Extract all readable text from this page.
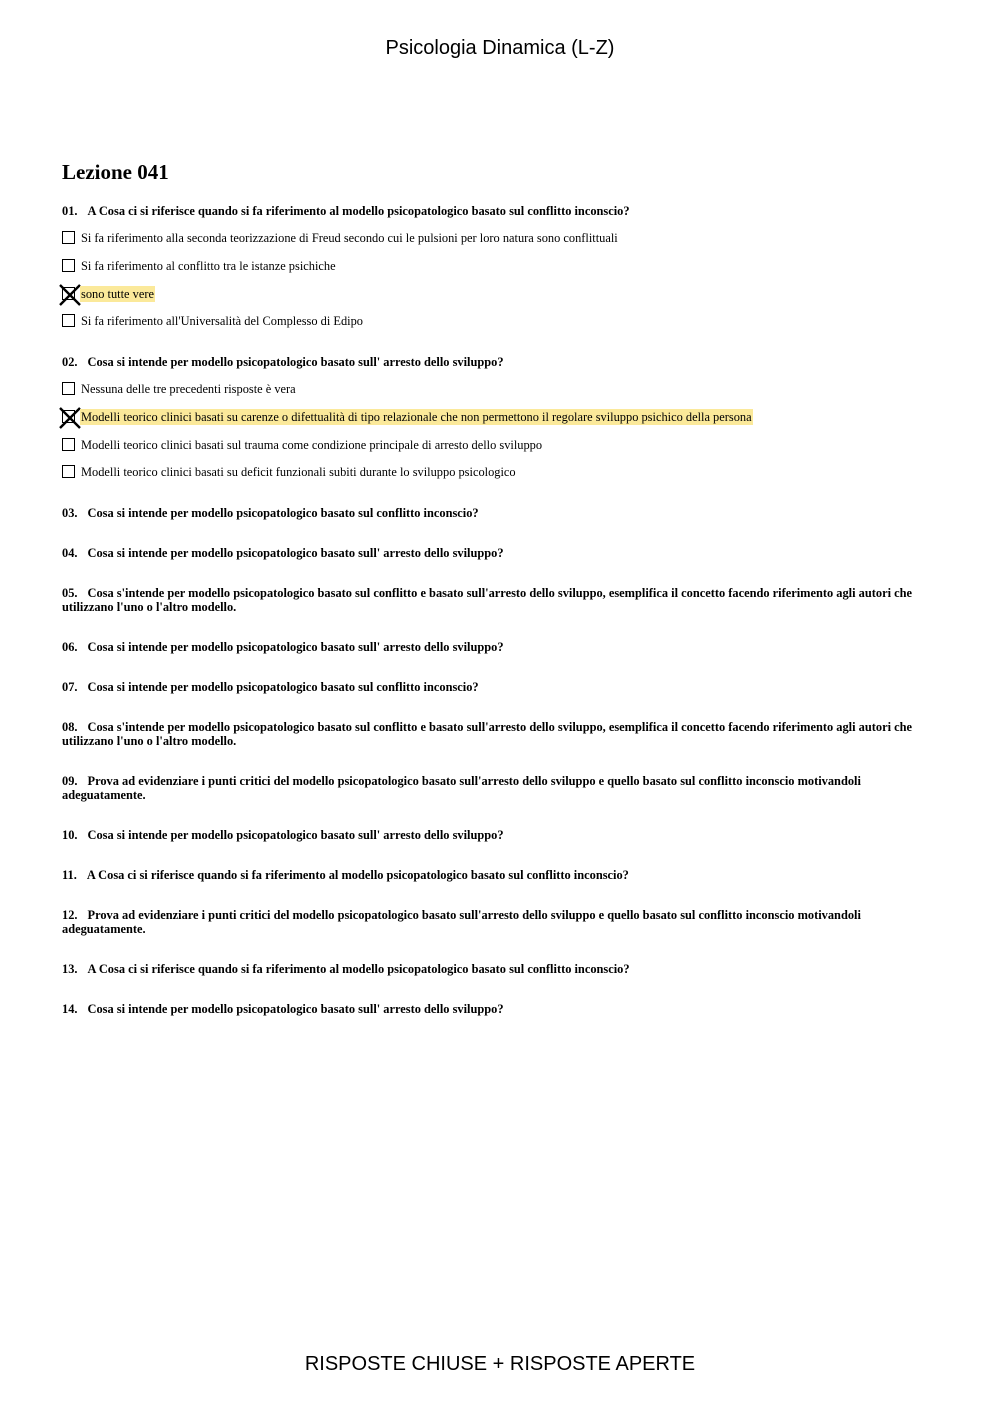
Psicologia Dinamica (L-Z)
Lezione 041
01. A Cosa ci si riferisce quando si fa riferimento al modello psicopatologico basato sul conflitto inconscio?
Si fa riferimento alla seconda teorizzazione di Freud secondo cui le pulsioni per loro natura sono conflittuali
Si fa riferimento al conflitto tra le istanze psichiche
sono tutte vere
Si fa riferimento all'Universalità del Complesso di Edipo
02. Cosa si intende per modello psicopatologico basato sull' arresto dello sviluppo?
Nessuna delle tre precedenti risposte è vera
Modelli teorico clinici basati su carenze o difettualità di tipo relazionale che non permettono il regolare sviluppo psichico della persona
Modelli teorico clinici basati sul trauma come condizione principale di arresto dello sviluppo
Modelli teorico clinici basati su deficit funzionali subiti durante lo sviluppo psicologico
03. Cosa si intende per modello psicopatologico basato sul conflitto inconscio?
04. Cosa si intende per modello psicopatologico basato sull' arresto dello sviluppo?
05. Cosa s'intende per modello psicopatologico basato sul conflitto e basato sull'arresto dello sviluppo, esemplifica il concetto facendo riferimento agli autori che utilizzano l'uno o l'altro modello.
06. Cosa si intende per modello psicopatologico basato sull' arresto dello sviluppo?
07. Cosa si intende per modello psicopatologico basato sul conflitto inconscio?
08. Cosa s'intende per modello psicopatologico basato sul conflitto e basato sull'arresto dello sviluppo, esemplifica il concetto facendo riferimento agli autori che utilizzano l'uno o l'altro modello.
09. Prova ad evidenziare i punti critici del modello psicopatologico basato sull'arresto dello sviluppo e quello basato sul conflitto inconscio motivandoli adeguatamente.
10. Cosa si intende per modello psicopatologico basato sull' arresto dello sviluppo?
11. A Cosa ci si riferisce quando si fa riferimento al modello psicopatologico basato sul conflitto inconscio?
12. Prova ad evidenziare i punti critici del modello psicopatologico basato sull'arresto dello sviluppo e quello basato sul conflitto inconscio motivandoli adeguatamente.
13. A Cosa ci si riferisce quando si fa riferimento al modello psicopatologico basato sul conflitto inconscio?
14. Cosa si intende per modello psicopatologico basato sull' arresto dello sviluppo?
RISPOSTE CHIUSE + RISPOSTE APERTE
